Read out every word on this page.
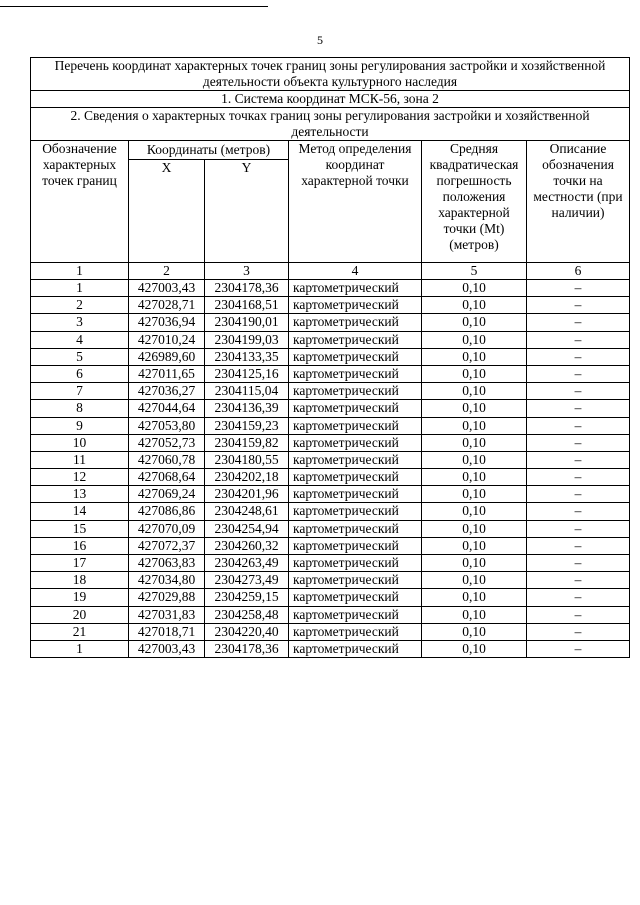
5
Перечень координат характерных точек границ зоны регулирования застройки и хозяйственной деятельности объекта культурного наследия					
1. Система координат МСК-56, зона 2					
2. Сведения о характерных точках границ зоны регулирования застройки и хозяйственной деятельности					
Обозначение характерных точек границ	Координаты (метров)		Метод определения координат характерной точки	Средняя квадратическая погрешность положения характерной точки (Mt) (метров)	Описание обозначения точки на местности (при наличии)
	X	Y			
1	2	3	4	5	6
1	427003,43	2304178,36	картометрический	0,10	–
2	427028,71	2304168,51	картометрический	0,10	–
3	427036,94	2304190,01	картометрический	0,10	–
4	427010,24	2304199,03	картометрический	0,10	–
5	426989,60	2304133,35	картометрический	0,10	–
6	427011,65	2304125,16	картометрический	0,10	–
7	427036,27	2304115,04	картометрический	0,10	–
8	427044,64	2304136,39	картометрический	0,10	–
9	427053,80	2304159,23	картометрический	0,10	–
10	427052,73	2304159,82	картометрический	0,10	–
11	427060,78	2304180,55	картометрический	0,10	–
12	427068,64	2304202,18	картометрический	0,10	–
13	427069,24	2304201,96	картометрический	0,10	–
14	427086,86	2304248,61	картометрический	0,10	–
15	427070,09	2304254,94	картометрический	0,10	–
16	427072,37	2304260,32	картометрический	0,10	–
17	427063,83	2304263,49	картометрический	0,10	–
18	427034,80	2304273,49	картометрический	0,10	–
19	427029,88	2304259,15	картометрический	0,10	–
20	427031,83	2304258,48	картометрический	0,10	–
21	427018,71	2304220,40	картометрический	0,10	–
1	427003,43	2304178,36	картометрический	0,10	–
